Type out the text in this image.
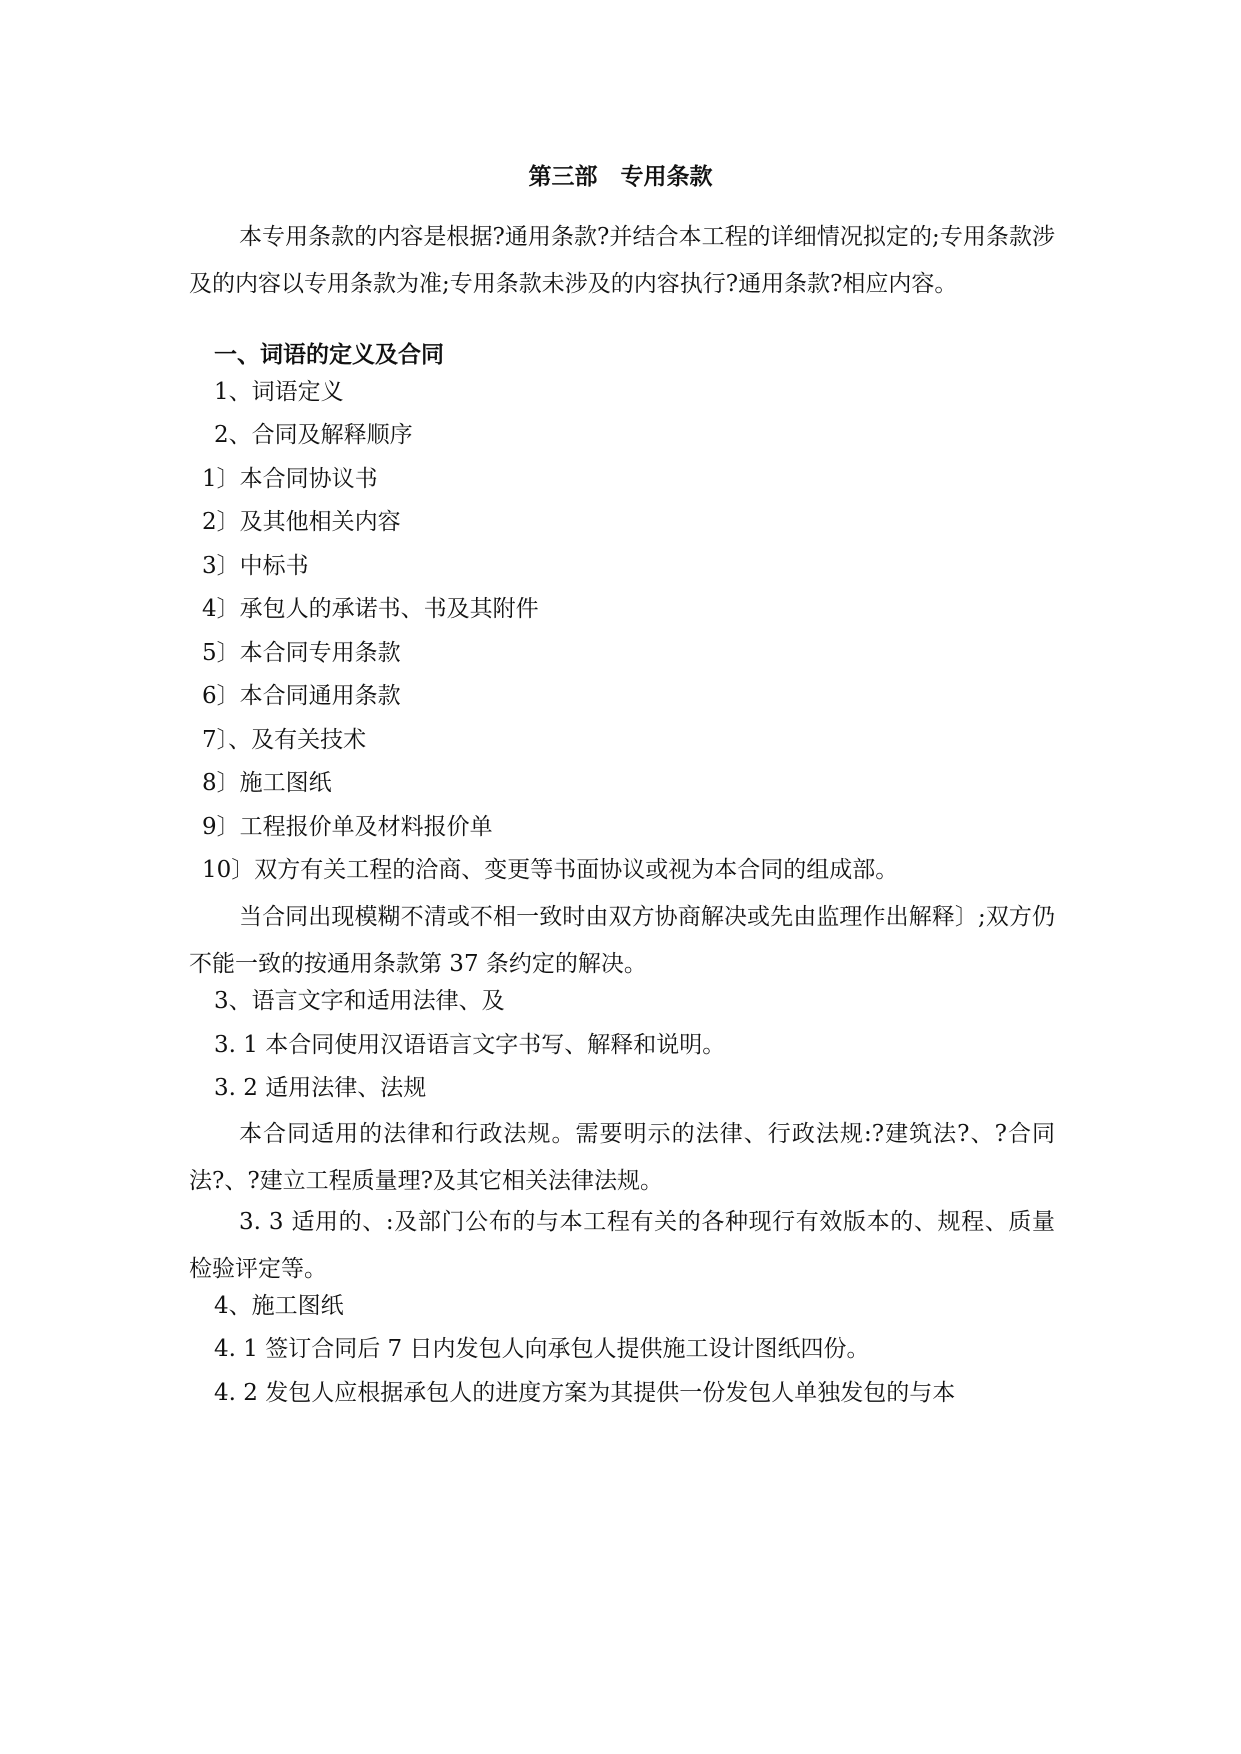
第三部　专用条款

本专用条款的内容是根据?通用条款?并结合本工程的详细情况拟定的;专用条款涉及的内容以专用条款为准;专用条款未涉及的内容执行?通用条款?相应内容。

一、词语的定义及合同

1、词语定义

2、合同及解释顺序

1〕本合同协议书

2〕及其他相关内容

3〕中标书

4〕承包人的承诺书、书及其附件

5〕本合同专用条款

6〕本合同通用条款

7〕、及有关技术

8〕施工图纸

9〕工程报价单及材料报价单

10〕双方有关工程的洽商、变更等书面协议或视为本合同的组成部。

当合同出现模糊不清或不相一致时由双方协商解决或先由监理作出解释〕;双方仍不能一致的按通用条款第 37 条约定的解决。

3、语言文字和适用法律、及

3. 1 本合同使用汉语语言文字书写、解释和说明。

3. 2 适用法律、法规

本合同适用的法律和行政法规。需要明示的法律、行政法规:?建筑法?、?合同法?、?建立工程质量理?及其它相关法律法规。

3. 3 适用的、:及部门公布的与本工程有关的各种现行有效版本的、规程、质量检验评定等。

4、施工图纸

4. 1 签订合同后 7 日内发包人向承包人提供施工设计图纸四份。

4. 2 发包人应根据承包人的进度方案为其提供一份发包人单独发包的与本
